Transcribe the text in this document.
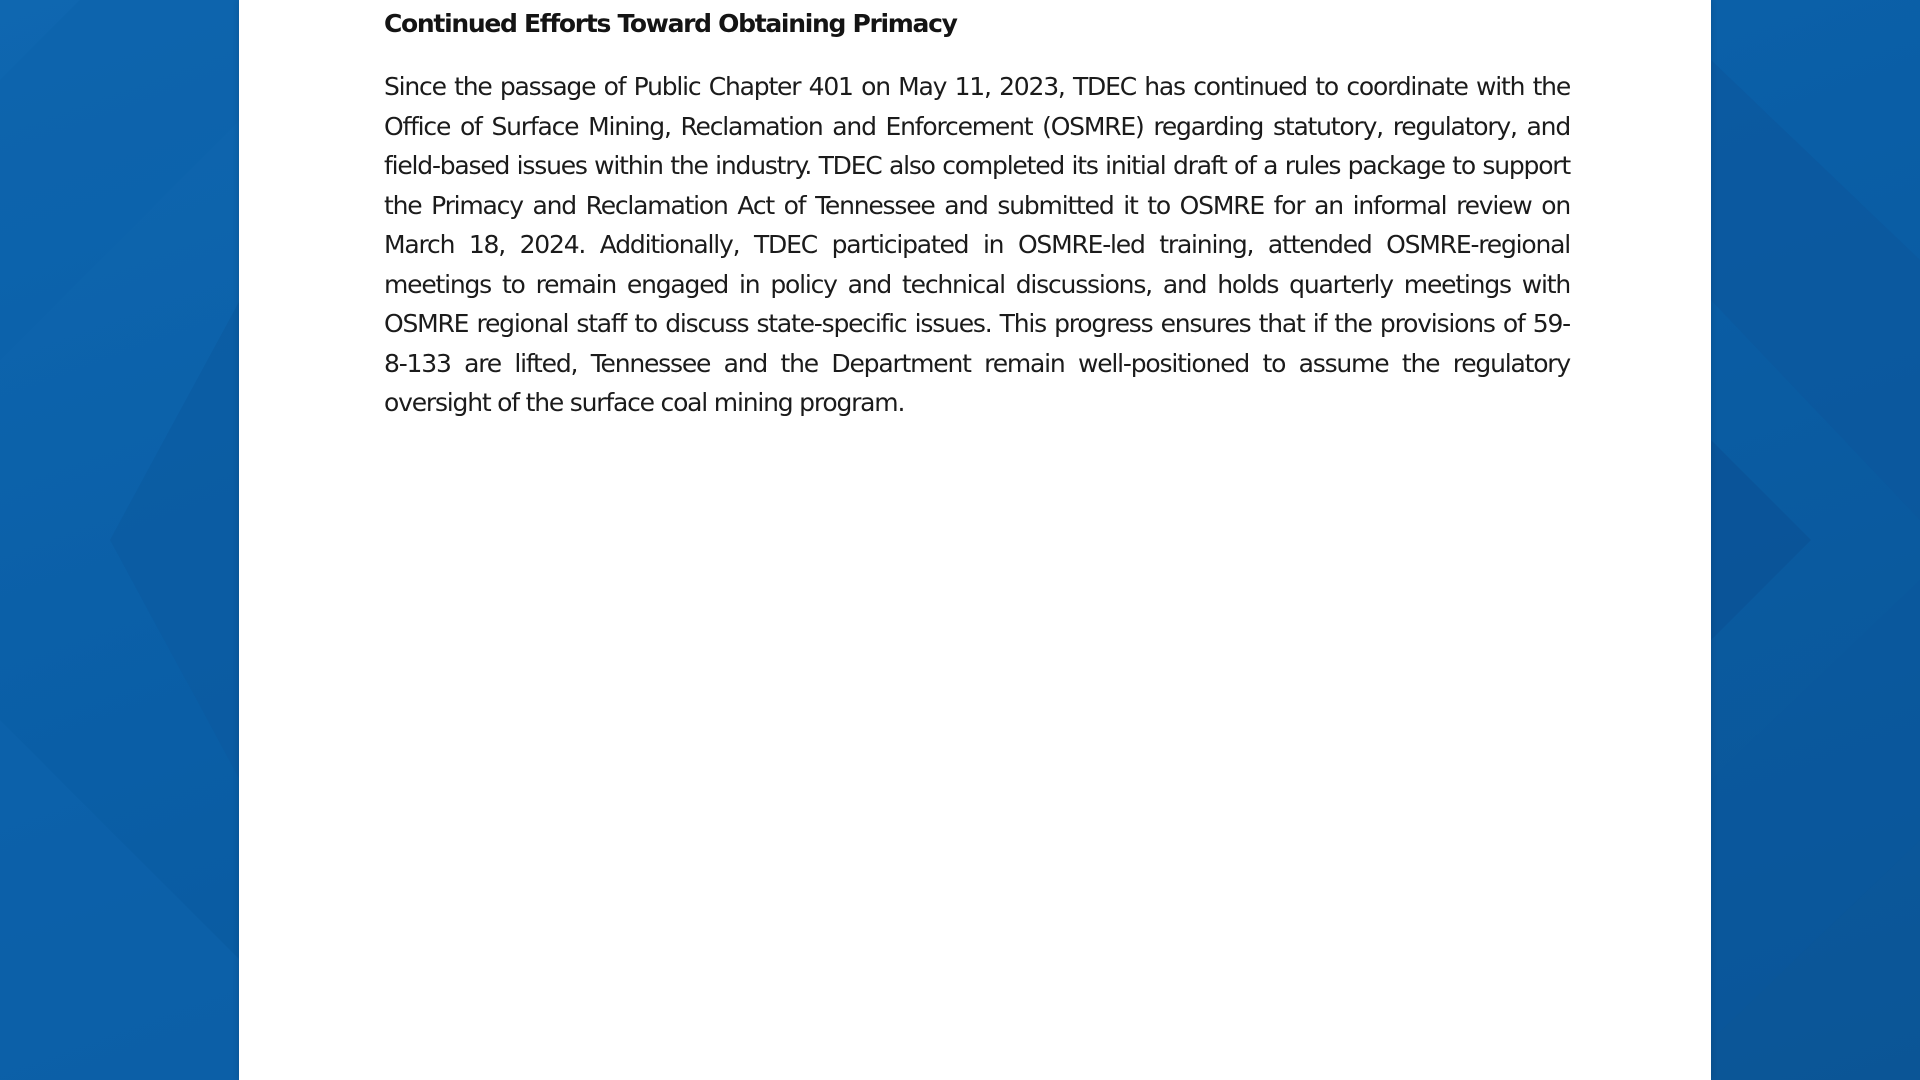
Continued Efforts Toward Obtaining Primacy

Since the passage of Public Chapter 401 on May 11, 2023, TDEC has continued to coordinate with the Office of Surface Mining, Reclamation and Enforcement (OSMRE) regarding statutory, regulatory, and field-based issues within the industry. TDEC also completed its initial draft of a rules package to support the Primacy and Reclamation Act of Tennessee and submitted it to OSMRE for an informal review on March 18, 2024. Additionally, TDEC participated in OSMRE-led training, attended OSMRE-regional meetings to remain engaged in policy and technical discussions, and holds quarterly meetings with OSMRE regional staff to discuss state-specific issues. This progress ensures that if the provisions of 59-8-133 are lifted, Tennessee and the Department remain well-positioned to assume the regulatory oversight of the surface coal mining program.
